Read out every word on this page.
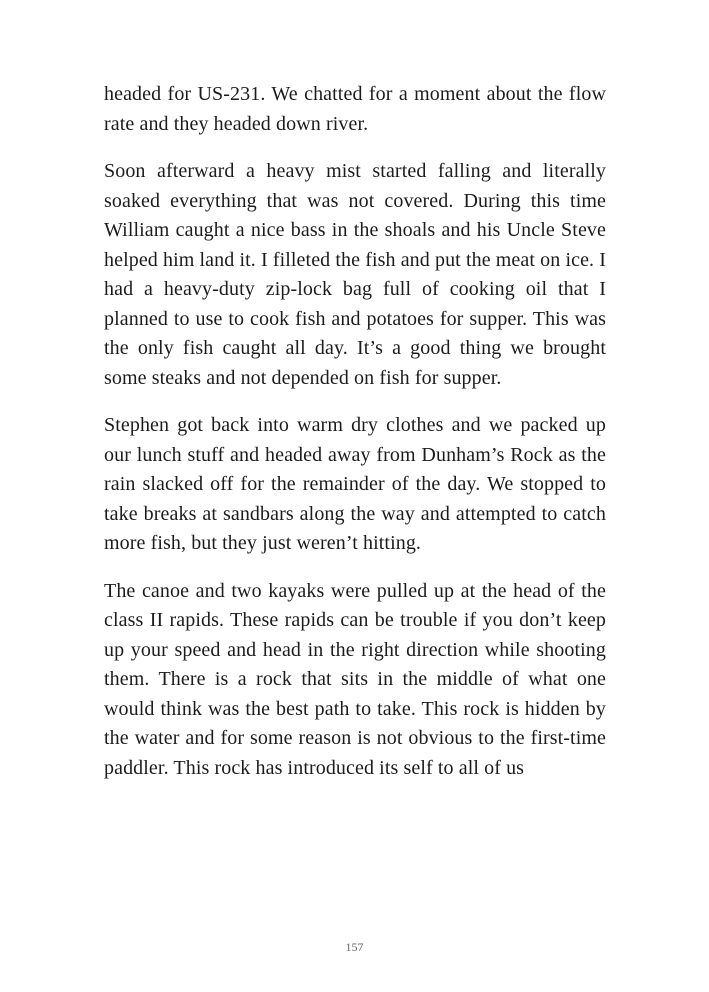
headed for US-231. We chatted for a moment about the flow rate and they headed down river.

Soon afterward a heavy mist started falling and literally soaked everything that was not covered. During this time William caught a nice bass in the shoals and his Uncle Steve helped him land it. I filleted the fish and put the meat on ice. I had a heavy-duty zip-lock bag full of cooking oil that I planned to use to cook fish and potatoes for supper. This was the only fish caught all day. It’s a good thing we brought some steaks and not depended on fish for supper.

Stephen got back into warm dry clothes and we packed up our lunch stuff and headed away from Dunham’s Rock as the rain slacked off for the remainder of the day. We stopped to take breaks at sandbars along the way and attempted to catch more fish, but they just weren’t hitting.

The canoe and two kayaks were pulled up at the head of the class II rapids. These rapids can be trouble if you don’t keep up your speed and head in the right direction while shooting them. There is a rock that sits in the middle of what one would think was the best path to take. This rock is hidden by the water and for some reason is not obvious to the first-time paddler. This rock has introduced its self to all of us

157
